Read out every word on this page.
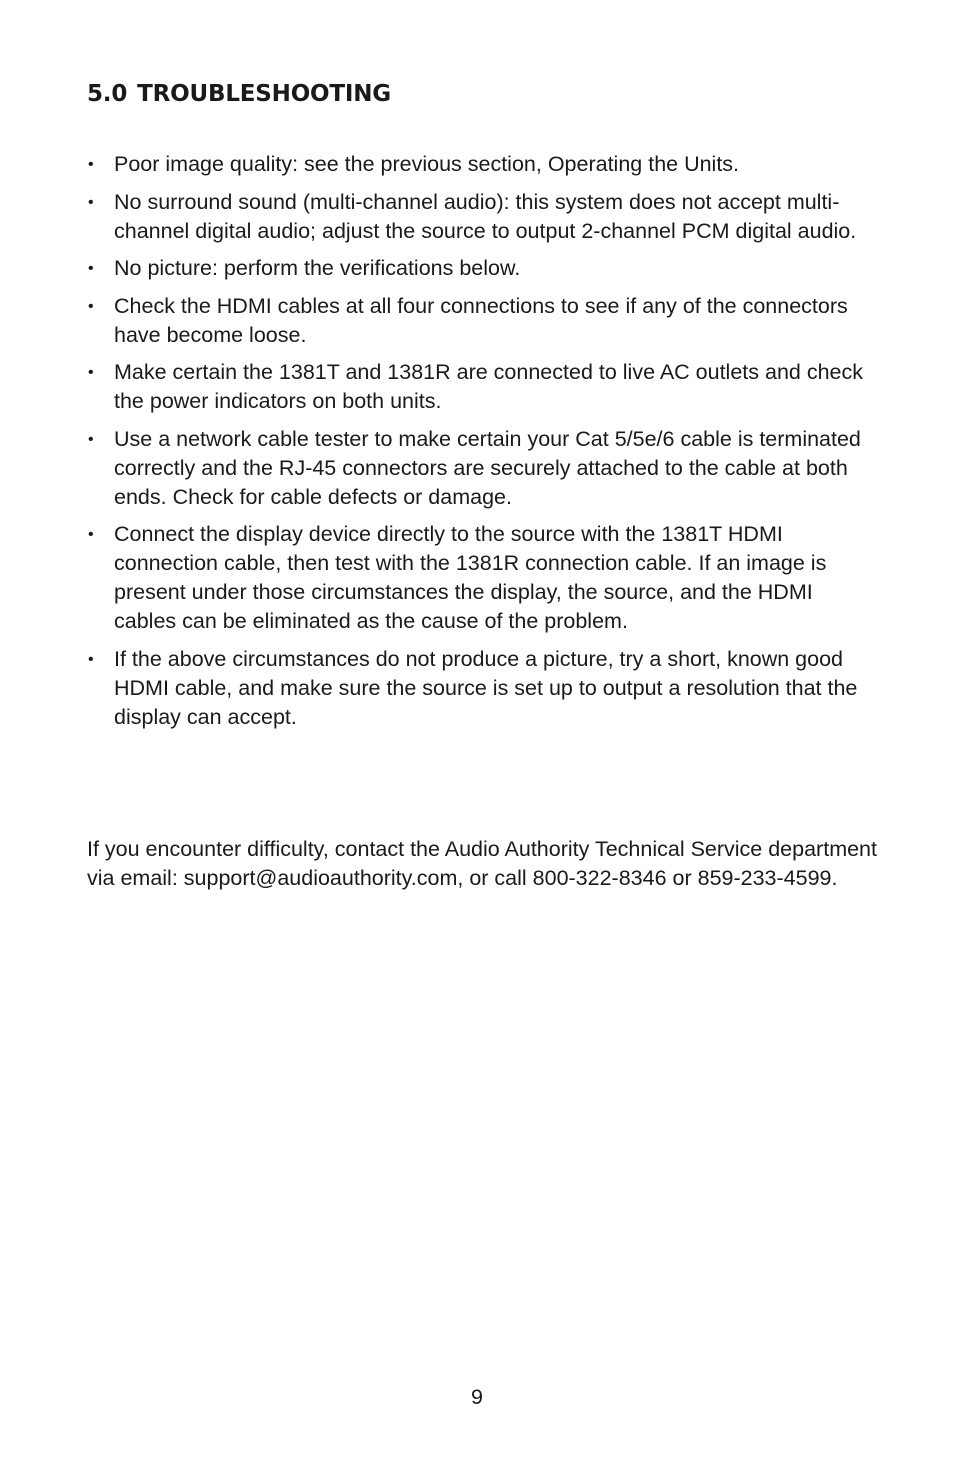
5.0 TROUBLESHOOTING
• Poor image quality: see the previous section, Operating the Units.
• No surround sound (multi-channel audio): this system does not accept multi-channel digital audio; adjust the source to output 2-channel PCM digital audio.
• No picture: perform the verifications below.
• Check the HDMI cables at all four connections to see if any of the connectors have become loose.
• Make certain the 1381T and 1381R are connected to live AC outlets and check the power indicators on both units.
• Use a network cable tester to make certain your Cat 5/5e/6 cable is terminated correctly and the RJ-45 connectors are securely attached to the cable at both ends. Check for cable defects or damage.
• Connect the display device directly to the source with the 1381T HDMI connection cable, then test with the 1381R connection cable. If an image is present under those circumstances the display, the source, and the HDMI cables can be eliminated as the cause of the problem.
• If the above circumstances do not produce a picture, try a short, known good HDMI cable, and make sure the source is set up to output a resolution that the display can accept.

If you encounter difficulty, contact the Audio Authority Technical Service department via email: support@audioauthority.com, or call 800-322-8346 or 859-233-4599.

9
